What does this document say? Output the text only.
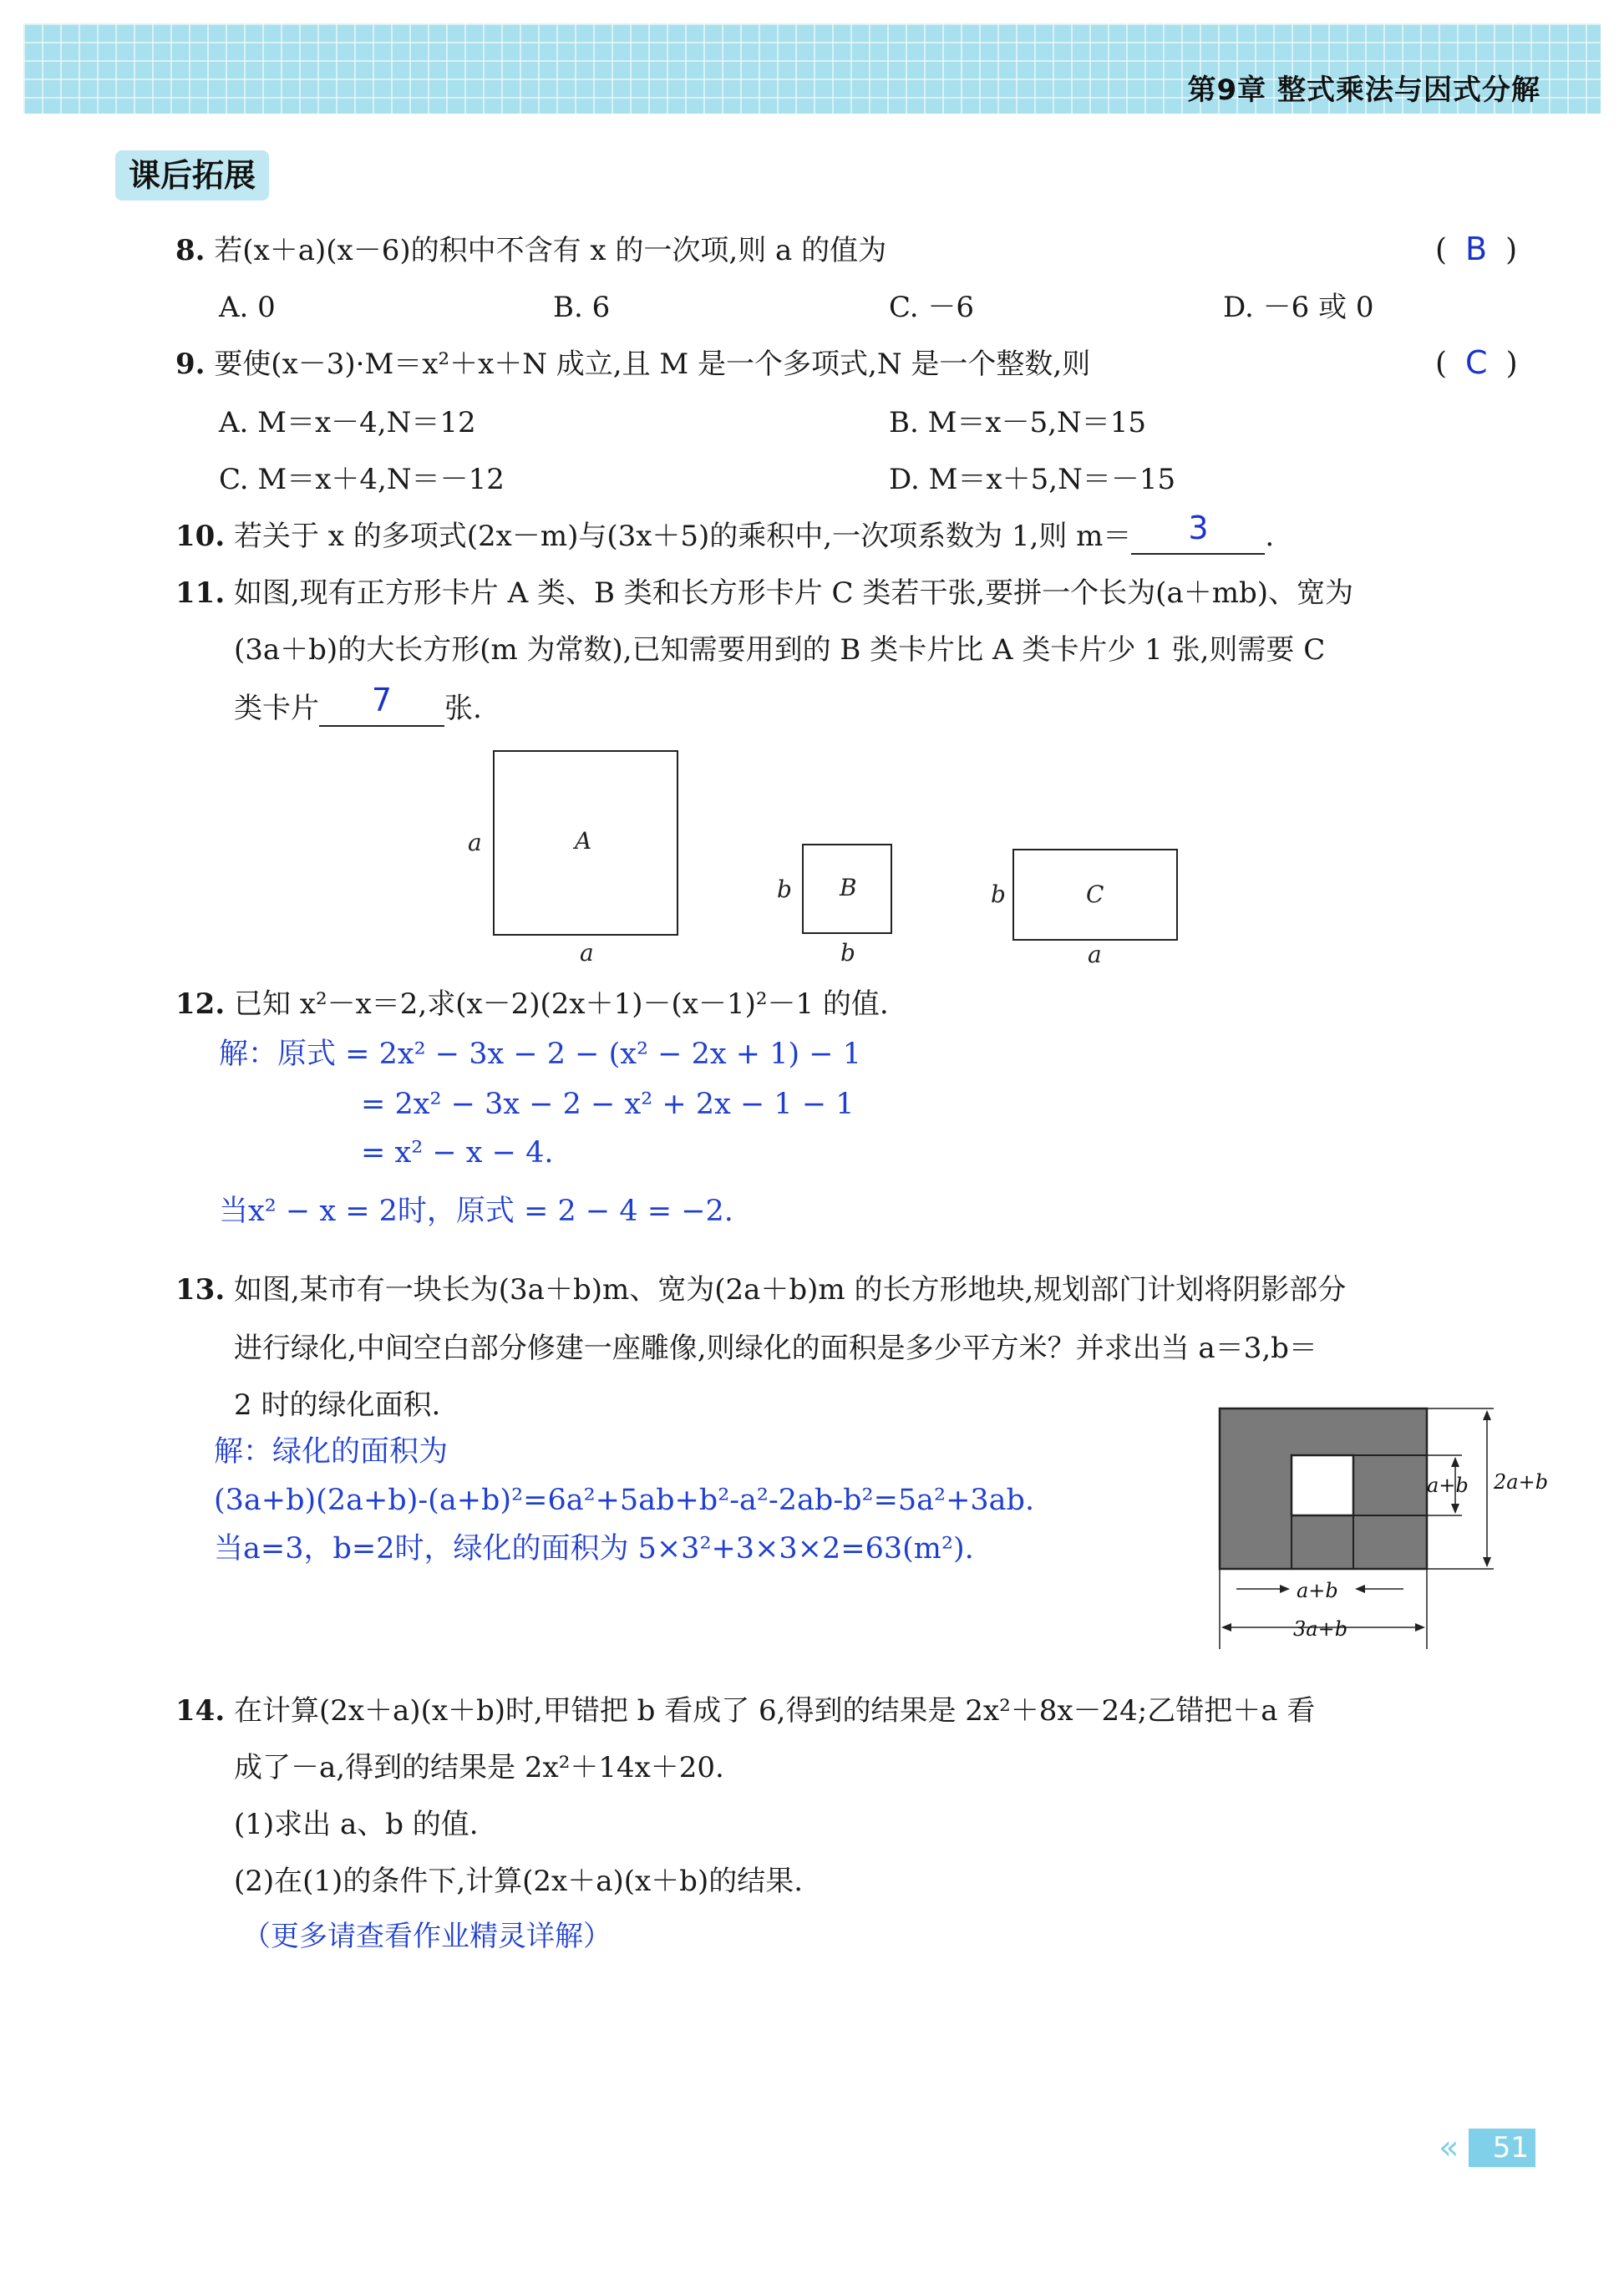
第9章 整式乘法与因式分解
课后拓展
8. 若(x＋a)(x－6)的积中不含有 x 的一次项,则 a 的值为	( B )
A. 0	B. 6	C. －6	D. －6 或 0
9. 要使(x－3)·M＝x²＋x＋N 成立,且 M 是一个多项式,N 是一个整数,则	( C )
A. M＝x－4,N＝12	B. M＝x－5,N＝15
C. M＝x＋4,N＝－12	D. M＝x＋5,N＝－15
10. 若关于 x 的多项式(2x－m)与(3x＋5)的乘积中,一次项系数为 1,则 m＝ 3 .
11. 如图,现有正方形卡片 A 类、B 类和长方形卡片 C 类若干张,要拼一个长为(a＋mb)、宽为
(3a＋b)的大长方形(m 为常数),已知需要用到的 B 类卡片比 A 类卡片少 1 张,则需要 C
类卡片 7 张.
A
a
a
B
b
b
C
b
a
12. 已知 x²－x＝2,求(x－2)(2x＋1)－(x－1)²－1 的值.
解：原式 = 2x² − 3x − 2 − (x² − 2x + 1) − 1
= 2x² − 3x − 2 − x² + 2x − 1 − 1
= x² − x − 4.
当x² − x = 2时，原式 = 2 − 4 = −2.
13. 如图,某市有一块长为(3a＋b)m、宽为(2a＋b)m 的长方形地块,规划部门计划将阴影部分
进行绿化,中间空白部分修建一座雕像,则绿化的面积是多少平方米？并求出当 a＝3,b＝
2 时的绿化面积.
解：绿化的面积为
(3a+b)(2a+b)-(a+b)²=6a²+5ab+b²-a²-2ab-b²=5a²+3ab.
当a=3，b=2时，绿化的面积为 5×3²+3×3×2=63(m²).
a+b 2a+b
a+b
3a+b
14. 在计算(2x＋a)(x＋b)时,甲错把 b 看成了 6,得到的结果是 2x²＋8x－24;乙错把＋a 看
成了－a,得到的结果是 2x²＋14x＋20.
(1)求出 a、b 的值.
(2)在(1)的条件下,计算(2x＋a)(x＋b)的结果.
（更多请查看作业精灵详解）
«	51
